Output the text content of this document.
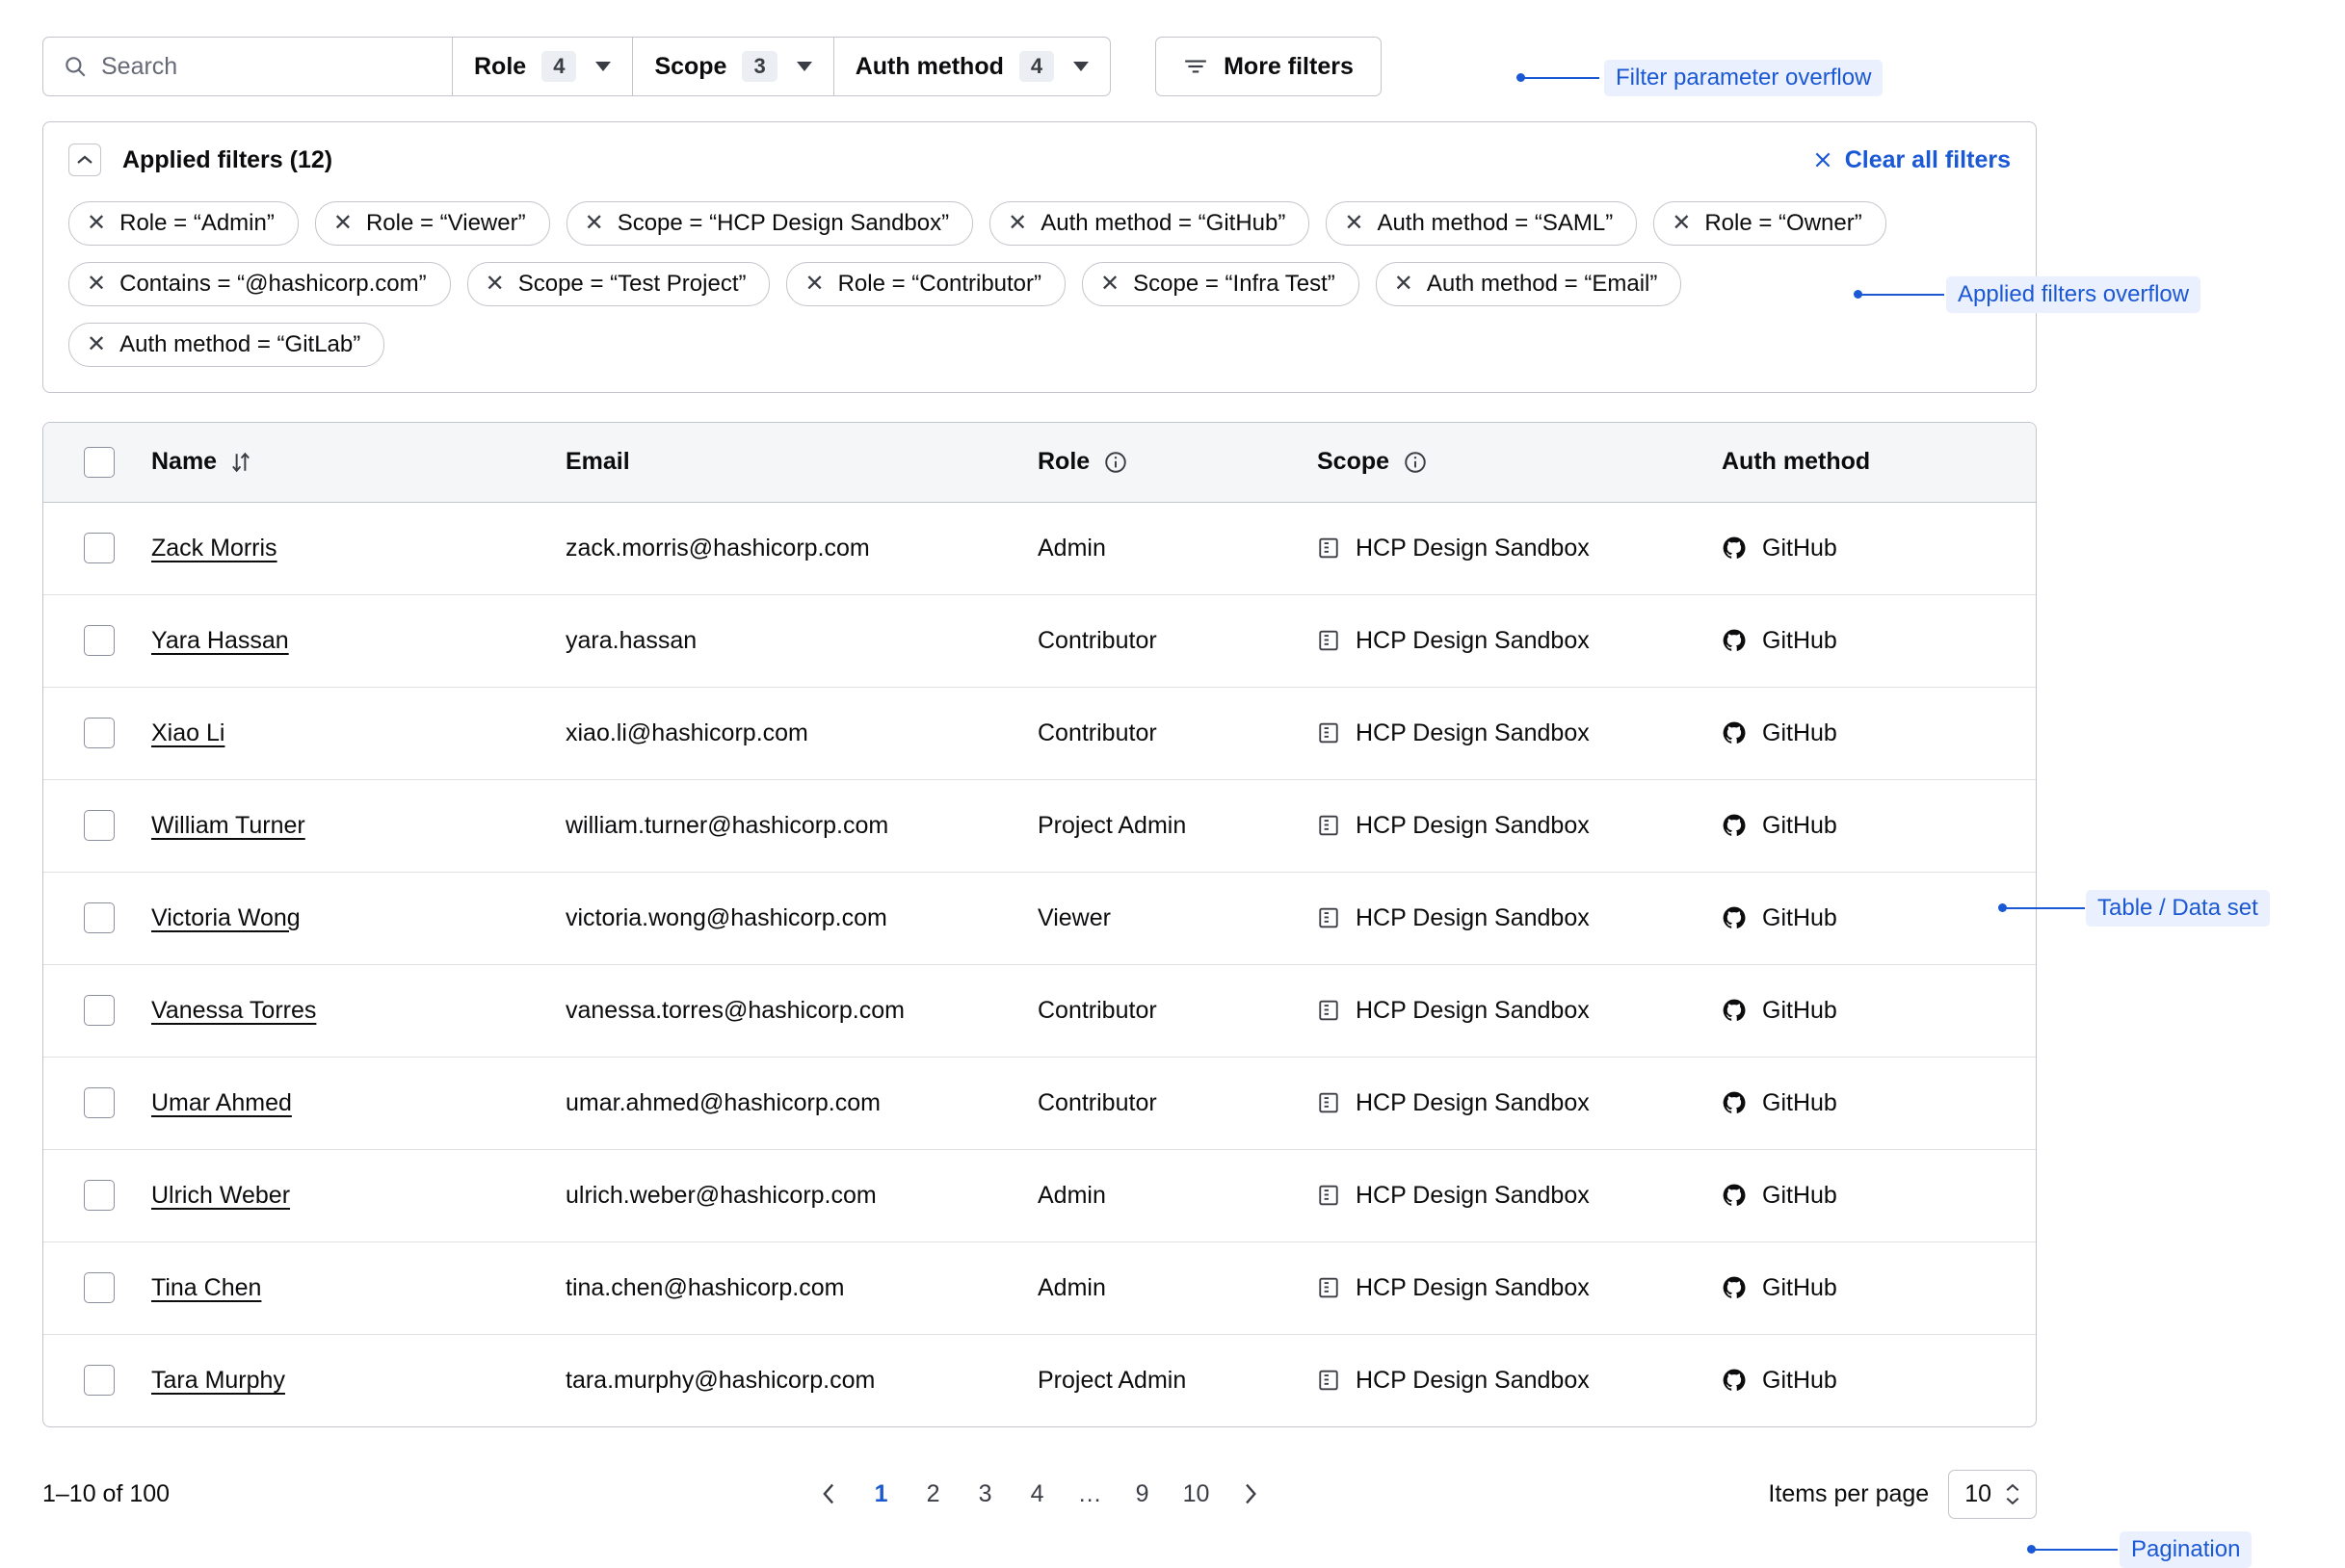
Search	Role	4	Scope	3	Auth method	4	More filters
Applied filters (12)	Clear all filters
✕ Role = “Admin”	✕ Role = “Viewer”	✕ Scope = “HCP Design Sandbox”	✕ Auth method = “GitHub”	✕ Auth method = “SAML”	✕ Role = “Owner”
✕ Contains = “@hashicorp.com”	✕ Scope = “Test Project”	✕ Role = “Contributor”	✕ Scope = “Infra Test”	✕ Auth method = “Email”
✕ Auth method = “GitLab”

	Name	Email	Role	Scope	Auth method

	Zack Morris	zack.morris@hashicorp.com	Admin	HCP Design Sandbox	GitHub

	Yara Hassan	yara.hassan	Contributor	HCP Design Sandbox	GitHub

	Xiao Li	xiao.li@hashicorp.com	Contributor	HCP Design Sandbox	GitHub

	William Turner	william.turner@hashicorp.com	Project Admin	HCP Design Sandbox	GitHub

	Victoria Wong	victoria.wong@hashicorp.com	Viewer	HCP Design Sandbox	GitHub

	Vanessa Torres	vanessa.torres@hashicorp.com	Contributor	HCP Design Sandbox	GitHub

	Umar Ahmed	umar.ahmed@hashicorp.com	Contributor	HCP Design Sandbox	GitHub

	Ulrich Weber	ulrich.weber@hashicorp.com	Admin	HCP Design Sandbox	GitHub

	Tina Chen	tina.chen@hashicorp.com	Admin	HCP Design Sandbox	GitHub

	Tara Murphy	tara.murphy@hashicorp.com	Project Admin	HCP Design Sandbox	GitHub
1–10 of 100	1	2	3	4	…	9	10	Items per page 10
Filter parameter overflow
Applied filters overflow
Table / Data set
Pagination
